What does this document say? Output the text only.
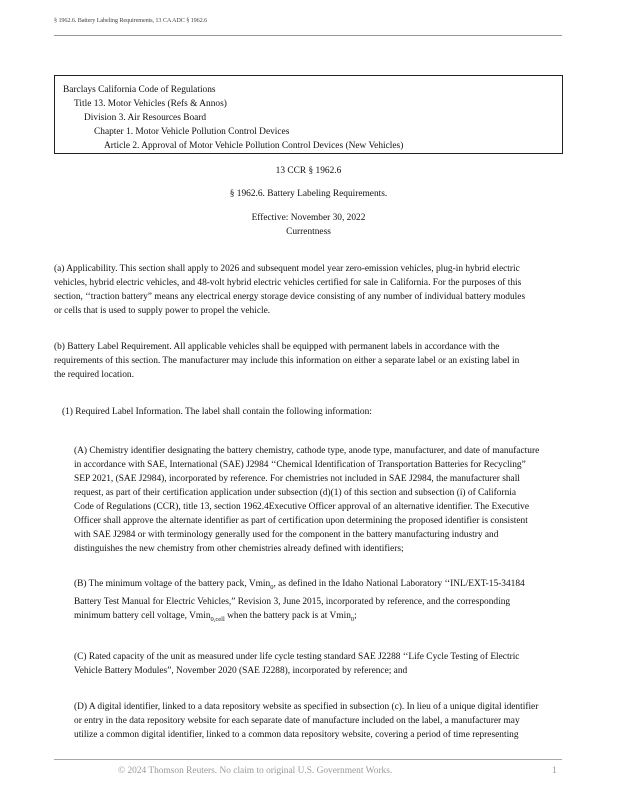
§ 1962.6. Battery Labeling Requirements, 13 CA ADC § 1962.6
Barclays California Code of Regulations
Title 13. Motor Vehicles (Refs & Annos)
Division 3. Air Resources Board
Chapter 1. Motor Vehicle Pollution Control Devices
Article 2. Approval of Motor Vehicle Pollution Control Devices (New Vehicles)
13 CCR § 1962.6
§ 1962.6. Battery Labeling Requirements.
Effective: November 30, 2022
Currentness
(a) Applicability. This section shall apply to 2026 and subsequent model year zero-emission vehicles, plug-in hybrid electric
vehicles, hybrid electric vehicles, and 48-volt hybrid electric vehicles certified for sale in California. For the purposes of this
section, ‘‘traction battery” means any electrical energy storage device consisting of any number of individual battery modules
or cells that is used to supply power to propel the vehicle.
(b) Battery Label Requirement. All applicable vehicles shall be equipped with permanent labels in accordance with the
requirements of this section. The manufacturer may include this information on either a separate label or an existing label in
the required location.
(1) Required Label Information. The label shall contain the following information:
(A) Chemistry identifier designating the battery chemistry, cathode type, anode type, manufacturer, and date of manufacture
in accordance with SAE, International (SAE) J2984 ‘‘Chemical Identification of Transportation Batteries for Recycling”
SEP 2021, (SAE J2984), incorporated by reference. For chemistries not included in SAE J2984, the manufacturer shall
request, as part of their certification application under subsection (d)(1) of this section and subsection (i) of California
Code of Regulations (CCR), title 13, section 1962.4Executive Officer approval of an alternative identifier. The Executive
Officer shall approve the alternate identifier as part of certification upon determining the proposed identifier is consistent
with SAE J2984 or with terminology generally used for the component in the battery manufacturing industry and
distinguishes the new chemistry from other chemistries already defined with identifiers;
(B) The minimum voltage of the battery pack, Vmin$_0$, as defined in the Idaho National Laboratory ‘‘INL/EXT-15-34184
Battery Test Manual for Electric Vehicles,” Revision 3, June 2015, incorporated by reference, and the corresponding
minimum battery cell voltage, Vmin$_{0,cell}$ when the battery pack is at Vmin$_0$;
(C) Rated capacity of the unit as measured under life cycle testing standard SAE J2288 ‘‘Life Cycle Testing of Electric
Vehicle Battery Modules”, November 2020 (SAE J2288), incorporated by reference; and
(D) A digital identifier, linked to a data repository website as specified in subsection (c). In lieu of a unique digital identifier
or entry in the data repository website for each separate date of manufacture included on the label, a manufacturer may
utilize a common digital identifier, linked to a common data repository website, covering a period of time representing
© 2024 Thomson Reuters. No claim to original U.S. Government Works.	1
